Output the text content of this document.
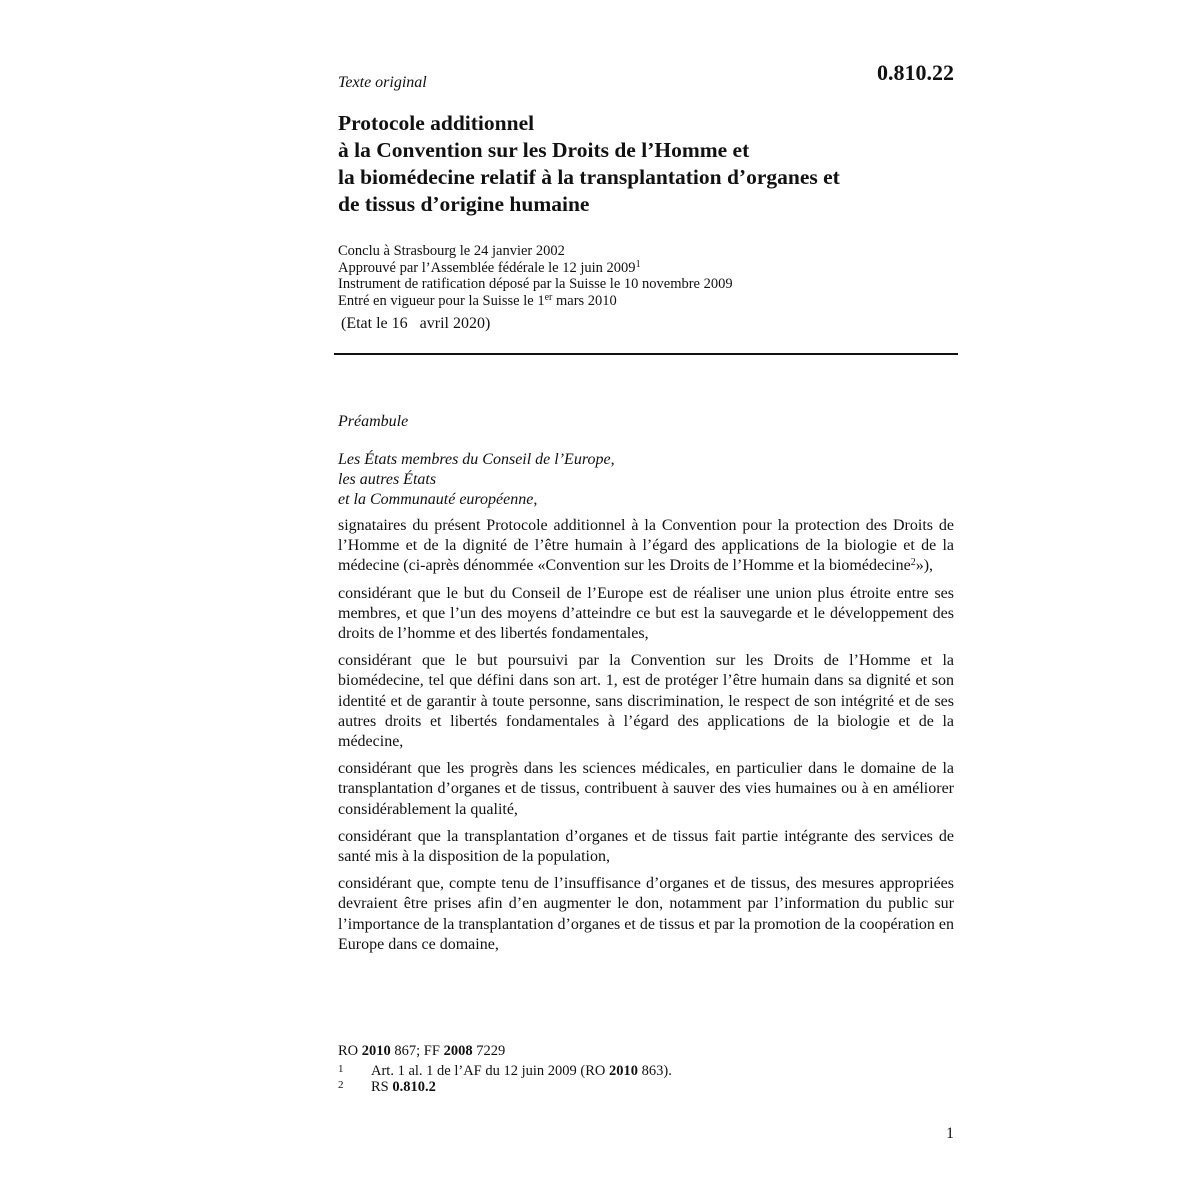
0.810.22
Texte original
Protocole additionnel
à la Convention sur les Droits de l’Homme et
la biomédecine relatif à la transplantation d’organes et
de tissus d’origine humaine
Conclu à Strasbourg le 24 janvier 2002
Approuvé par l’Assemblée fédérale le 12 juin 2009$^1$
Instrument de ratification déposé par la Suisse le 10 novembre 2009
Entré en vigueur pour la Suisse le 1er mars 2010
(Etat le 16   avril 2020)
Préambule
Les États membres du Conseil de l’Europe,
les autres États
et la Communauté européenne,

signataires du présent Protocole additionnel à la Convention pour la protection des Droits de l’Homme et de la dignité de l’être humain à l’égard des applications de la biologie et de la médecine (ci-après dénommée «Convention sur les Droits de l’Homme et la biomédecine$^2$»),

considérant que le but du Conseil de l’Europe est de réaliser une union plus étroite entre ses membres, et que l’un des moyens d’atteindre ce but est la sauvegarde et le développement des droits de l’homme et des libertés fondamentales,

considérant que le but poursuivi par la Convention sur les Droits de l’Homme et la biomédecine, tel que défini dans son art. 1, est de protéger l’être humain dans sa dignité et son identité et de garantir à toute personne, sans discrimination, le respect de son intégrité et de ses autres droits et libertés fondamentales à l’égard des applications de la biologie et de la médecine,

considérant que les progrès dans les sciences médicales, en particulier dans le domaine de la transplantation d’organes et de tissus, contribuent à sauver des vies humaines ou à en améliorer considérablement la qualité,

considérant que la transplantation d’organes et de tissus fait partie intégrante des services de santé mis à la disposition de la population,

considérant que, compte tenu de l’insuffisance d’organes et de tissus, des mesures appropriées devraient être prises afin d’en augmenter le don, notamment par l’information du public sur l’importance de la transplantation d’organes et de tissus et par la promotion de la coopération en Europe dans ce domaine,

RO 2010 867; FF 2008 7229
1	Art. 1 al. 1 de l’AF du 12 juin 2009 (RO 2010 863).
2	RS 0.810.2
1
